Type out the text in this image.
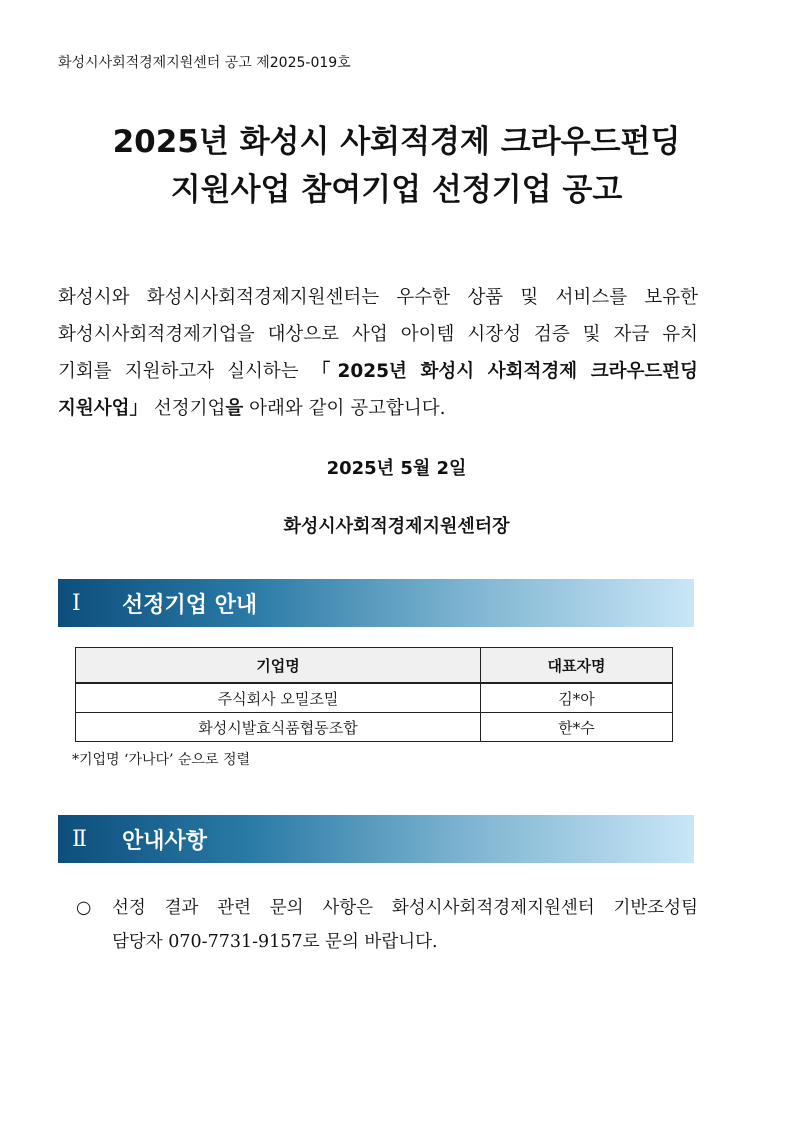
화성시사회적경제지원센터 공고 제2025-019호
2025년 화성시 사회적경제 크라우드펀딩
지원사업 참여기업 선정기업 공고
화성시와 화성시사회적경제지원센터는 우수한 상품 및 서비스를 보유한
화성시사회적경제기업을 대상으로 사업 아이템 시장성 검증 및 자금 유치
기회를 지원하고자 실시하는 「2025년 화성시 사회적경제 크라우드펀딩
지원사업」 선정기업을 아래와 같이 공고합니다.
2025년 5월 2일
화성시사회적경제지원센터장
Ⅰ	선정기업 안내
기업명	대표자명
주식회사 오밀조밀	김*아
화성시발효식품협동조합	한*수
*기업명 ‘가나다’ 순으로 정렬
Ⅱ	안내사항
○ 선정 결과 관련 문의 사항은 화성시사회적경제지원센터 기반조성팀
담당자 070-7731-9157로 문의 바랍니다.
